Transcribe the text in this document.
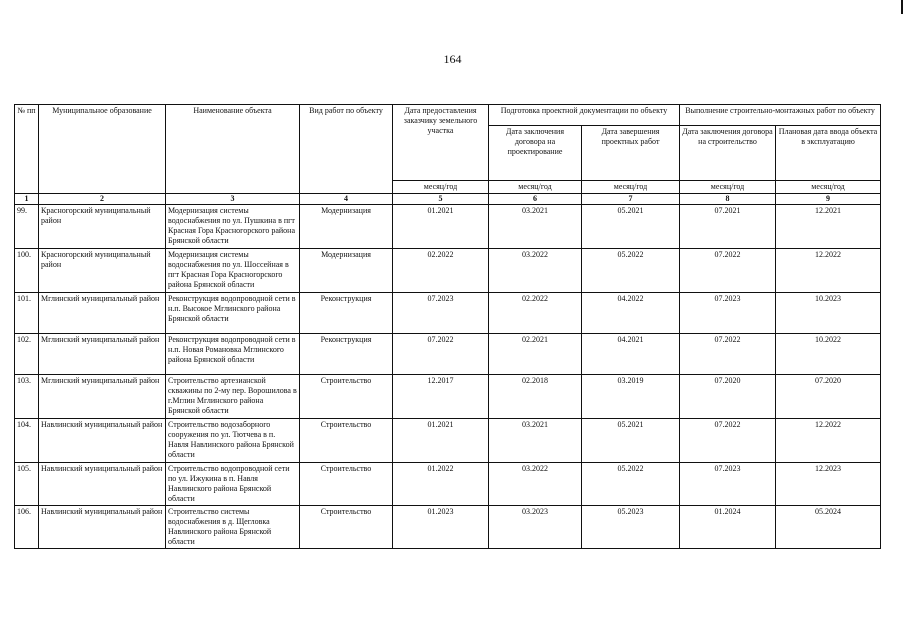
164
№ пп	Муниципальное образование	Наименование объекта	Вид работ по объекту	Дата предоставления заказчику земельного участка	Подготовка проектной документации по объекту		Выполнение строительно-монтажных работ по объекту	
					Дата заключения договора на проектирование	Дата завершения проектных работ	Дата заключения договора на строительство	Плановая дата ввода объекта в эксплуатацию
				месяц/год	месяц/год	месяц/год	месяц/год	месяц/год
1	2	3	4	5	6	7	8	9
99.	Красногорский муниципальный район	Модернизация системы водоснабжения по ул. Пушкина в пгт Красная Гора Красногорского района Брянской области	Модернизация	01.2021	03.2021	05.2021	07.2021	12.2021
100.	Красногорский муниципальный район	Модернизация системы водоснабжения по ул. Шоссейная в пгт Красная Гора Красногорского района Брянской области	Модернизация	02.2022	03.2022	05.2022	07.2022	12.2022
101.	Мглинский муниципальный район	Реконструкция водопроводной сети в н.п. Высокое Мглинского района Брянской области	Реконструкция	07.2023	02.2022	04.2022	07.2023	10.2023
102.	Мглинский муниципальный район	Реконструкция водопроводной сети в н.п. Новая Романовка Мглинского района Брянской области	Реконструкция	07.2022	02.2021	04.2021	07.2022	10.2022
103.	Мглинский муниципальный район	Строительство артезианской скважины по 2-му пер. Ворошилова в г.Мглин Мглинского района Брянской области	Строительство	12.2017	02.2018	03.2019	07.2020	07.2020
104.	Навлинский муниципальный район	Строительство водозаборного сооружения по ул. Тютчева в п. Навля Навлинского района Брянской области	Строительство	01.2021	03.2021	05.2021	07.2022	12.2022
105.	Навлинский муниципальный район	Строительство водопроводной сети по ул. Ижукина в п. Навля Навлинского района Брянской области	Строительство	01.2022	03.2022	05.2022	07.2023	12.2023
106.	Навлинский муниципальный район	Строительство системы водоснабжения в д. Щегловка Навлинского района Брянской области	Строительство	01.2023	03.2023	05.2023	01.2024	05.2024
